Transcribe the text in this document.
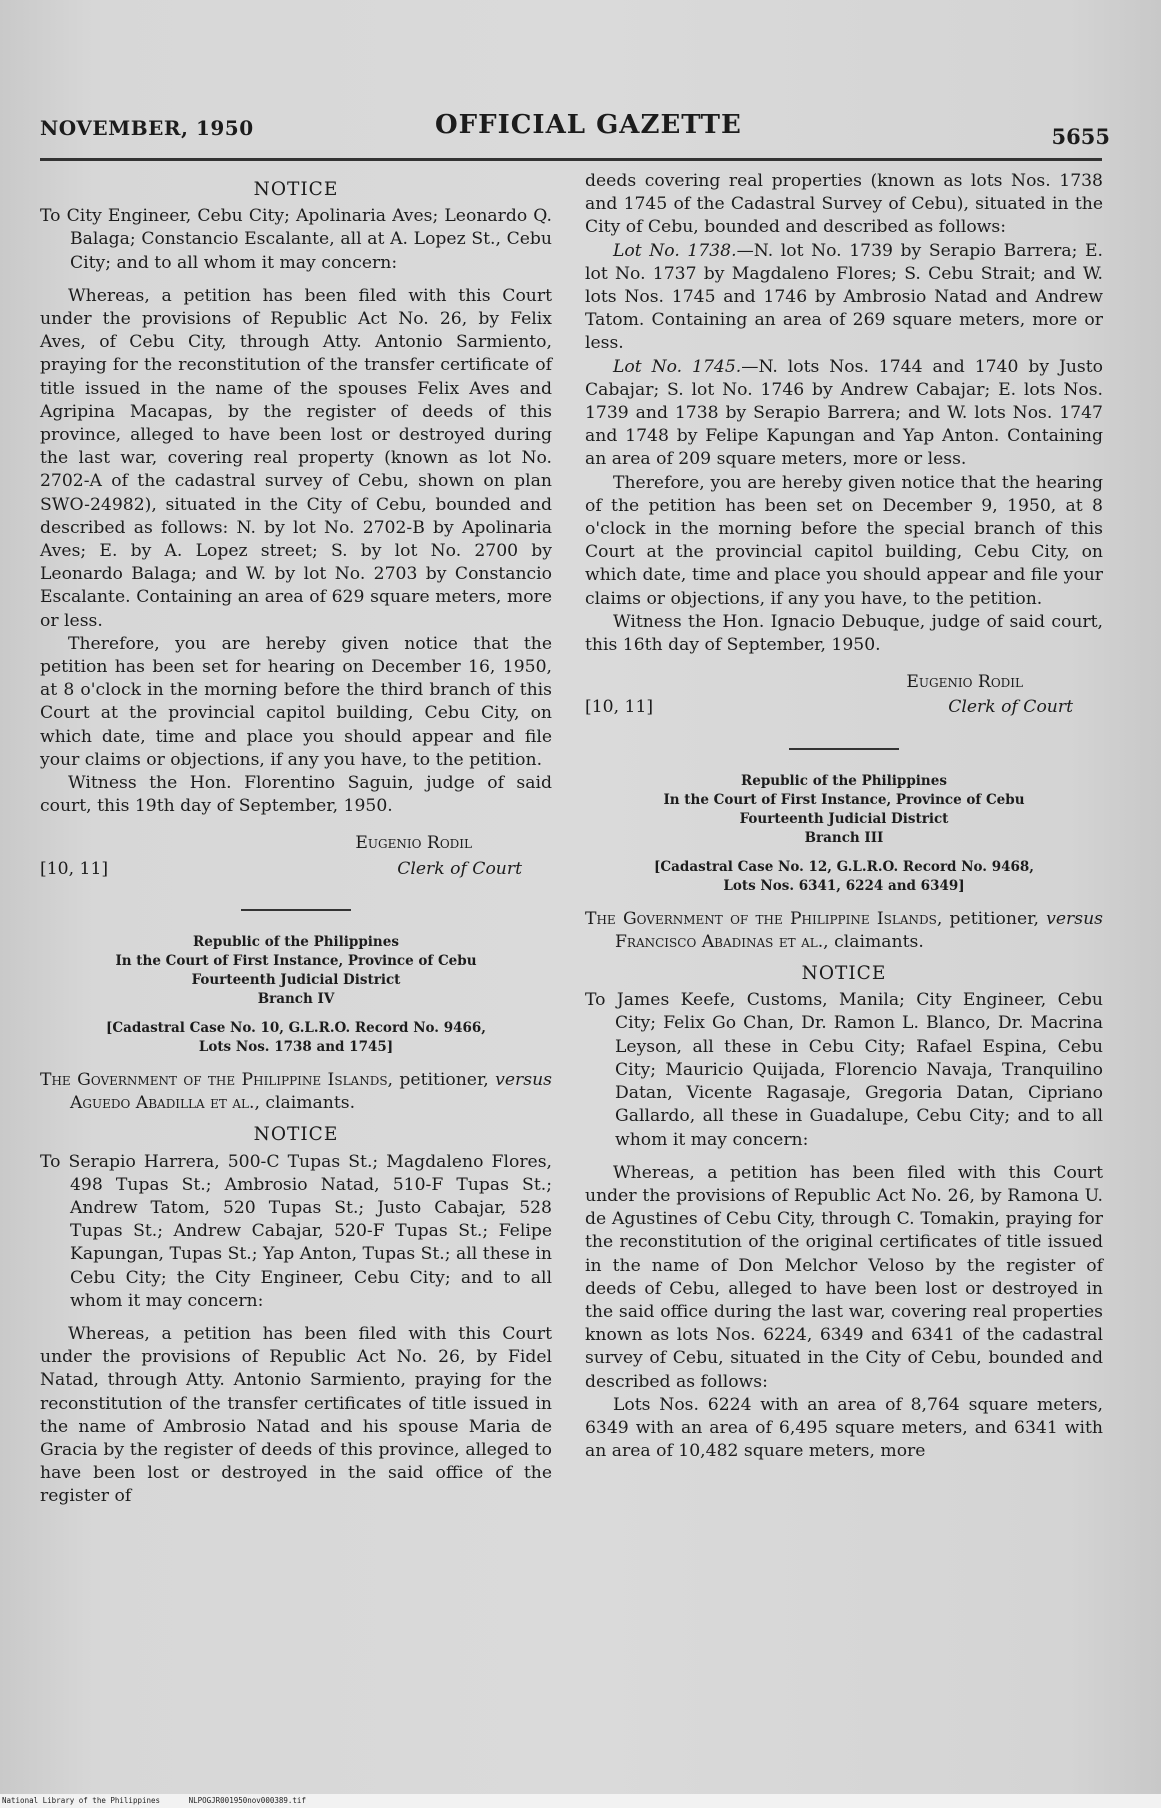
NOVEMBER, 1950	OFFICIAL GAZETTE	5655
NOTICE

To City Engineer, Cebu City; Apolinaria Aves; Leonardo Q. Balaga; Constancio Escalante, all at A. Lopez St., Cebu City; and to all whom it may concern:

Whereas, a petition has been filed with this Court under the provisions of Republic Act No. 26, by Felix Aves, of Cebu City, through Atty. Antonio Sarmiento, praying for the reconstitution of the transfer certificate of title issued in the name of the spouses Felix Aves and Agripina Macapas, by the register of deeds of this province, alleged to have been lost or destroyed during the last war, covering real property (known as lot No. 2702-A of the cadastral survey of Cebu, shown on plan SWO-24982), situated in the City of Cebu, bounded and described as follows: N. by lot No. 2702-B by Apolinaria Aves; E. by A. Lopez street; S. by lot No. 2700 by Leonardo Balaga; and W. by lot No. 2703 by Constancio Escalante. Containing an area of 629 square meters, more or less.

Therefore, you are hereby given notice that the petition has been set for hearing on December 16, 1950, at 8 o'clock in the morning before the third branch of this Court at the provincial capitol building, Cebu City, on which date, time and place you should appear and file your claims or objections, if any you have, to the petition.

Witness the Hon. Florentino Saguin, judge of said court, this 19th day of September, 1950.

Eugenio Rodil
[10, 11]	Clerk of Court
Republic of the Philippines
In the Court of First Instance, Province of Cebu
Fourteenth Judicial District
Branch IV
[Cadastral Case No. 10, G.L.R.O. Record No. 9466,
Lots Nos. 1738 and 1745]

The Government of the Philippine Islands, petitioner, versus Aguedo Abadilla et al., claimants.

NOTICE

To Serapio Harrera, 500-C Tupas St.; Magdaleno Flores, 498 Tupas St.; Ambrosio Natad, 510-F Tupas St.; Andrew Tatom, 520 Tupas St.; Justo Cabajar, 528 Tupas St.; Andrew Cabajar, 520-F Tupas St.; Felipe Kapungan, Tupas St.; Yap Anton, Tupas St.; all these in Cebu City; the City Engineer, Cebu City; and to all whom it may concern:

Whereas, a petition has been filed with this Court under the provisions of Republic Act No. 26, by Fidel Natad, through Atty. Antonio Sarmiento, praying for the reconstitution of the transfer certificates of title issued in the name of Ambrosio Natad and his spouse Maria de Gracia by the register of deeds of this province, alleged to have been lost or destroyed in the said office of the register of

deeds covering real properties (known as lots Nos. 1738 and 1745 of the Cadastral Survey of Cebu), situated in the City of Cebu, bounded and described as follows:

Lot No. 1738.—N. lot No. 1739 by Serapio Barrera; E. lot No. 1737 by Magdaleno Flores; S. Cebu Strait; and W. lots Nos. 1745 and 1746 by Ambrosio Natad and Andrew Tatom. Containing an area of 269 square meters, more or less.

Lot No. 1745.—N. lots Nos. 1744 and 1740 by Justo Cabajar; S. lot No. 1746 by Andrew Cabajar; E. lots Nos. 1739 and 1738 by Serapio Barrera; and W. lots Nos. 1747 and 1748 by Felipe Kapungan and Yap Anton. Containing an area of 209 square meters, more or less.

Therefore, you are hereby given notice that the hearing of the petition has been set on December 9, 1950, at 8 o'clock in the morning before the special branch of this Court at the provincial capitol building, Cebu City, on which date, time and place you should appear and file your claims or objections, if any you have, to the petition.

Witness the Hon. Ignacio Debuque, judge of said court, this 16th day of September, 1950.

Eugenio Rodil
[10, 11]	Clerk of Court
Republic of the Philippines
In the Court of First Instance, Province of Cebu
Fourteenth Judicial District
Branch III
[Cadastral Case No. 12, G.L.R.O. Record No. 9468,
Lots Nos. 6341, 6224 and 6349]

The Government of the Philippine Islands, petitioner, versus Francisco Abadinas et al., claimants.

NOTICE

To James Keefe, Customs, Manila; City Engineer, Cebu City; Felix Go Chan, Dr. Ramon L. Blanco, Dr. Macrina Leyson, all these in Cebu City; Rafael Espina, Cebu City; Mauricio Quijada, Florencio Navaja, Tranquilino Datan, Vicente Ragasaje, Gregoria Datan, Cipriano Gallardo, all these in Guadalupe, Cebu City; and to all whom it may concern:

Whereas, a petition has been filed with this Court under the provisions of Republic Act No. 26, by Ramona U. de Agustines of Cebu City, through C. Tomakin, praying for the reconstitution of the original certificates of title issued in the name of Don Melchor Veloso by the register of deeds of Cebu, alleged to have been lost or destroyed in the said office during the last war, covering real properties known as lots Nos. 6224, 6349 and 6341 of the cadastral survey of Cebu, situated in the City of Cebu, bounded and described as follows:

Lots Nos. 6224 with an area of 8,764 square meters, 6349 with an area of 6,495 square meters, and 6341 with an area of 10,482 square meters, more

National Library of the Philippines	NLPOGJR001950nov000389.tif
